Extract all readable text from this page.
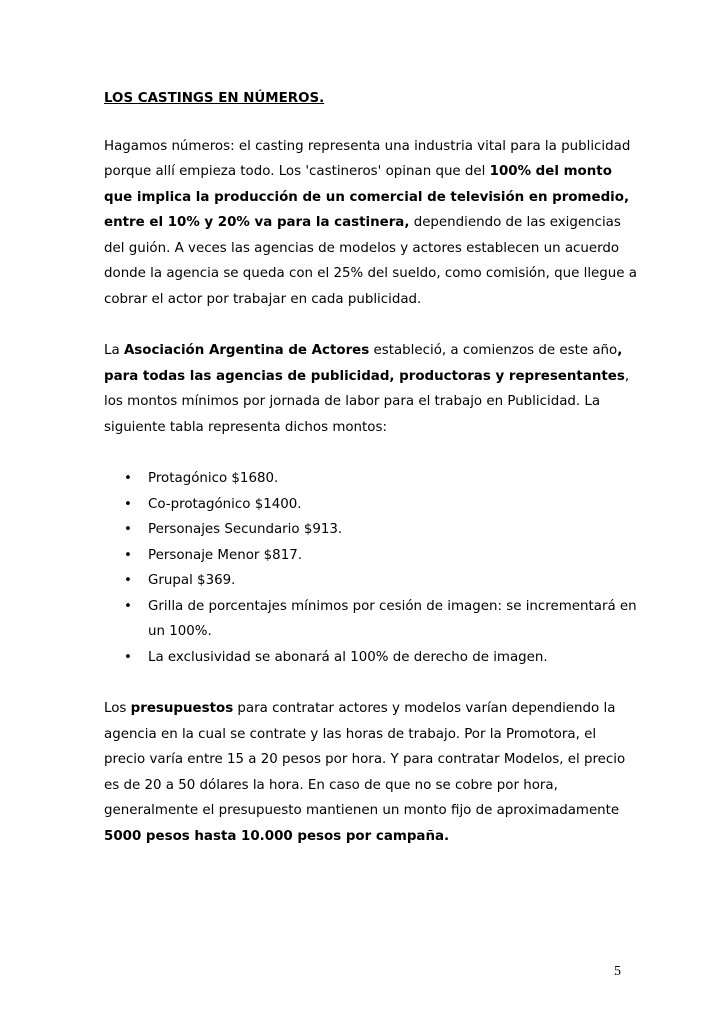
LOS CASTINGS EN NÚMEROS.

Hagamos números: el casting representa una industria vital para la publicidad porque allí empieza todo. Los 'castineros' opinan que del 100% del monto que implica la producción de un comercial de televisión en promedio, entre el 10% y 20% va para la castinera, dependiendo de las exigencias del guión. A veces las agencias de modelos y actores establecen un acuerdo donde la agencia se queda con el 25% del sueldo, como comisión, que llegue a cobrar el actor por trabajar en cada publicidad.

La Asociación Argentina de Actores estableció, a comienzos de este año, para todas las agencias de publicidad, productoras y representantes, los montos mínimos por jornada de labor para el trabajo en Publicidad. La siguiente tabla representa dichos montos:

• Protagónico $1680.
• Co-protagónico $1400.
• Personajes Secundario $913.
• Personaje Menor $817.
• Grupal $369.
• Grilla de porcentajes mínimos por cesión de imagen: se incrementará en un 100%.
• La exclusividad se abonará al 100% de derecho de imagen.

Los presupuestos para contratar actores y modelos varían dependiendo la agencia en la cual se contrate y las horas de trabajo. Por la Promotora, el precio varía entre 15 a 20 pesos por hora. Y para contratar Modelos, el precio es de 20 a 50 dólares la hora. En caso de que no se cobre por hora, generalmente el presupuesto mantienen un monto fijo de aproximadamente 5000 pesos hasta 10.000 pesos por campaña.

5
